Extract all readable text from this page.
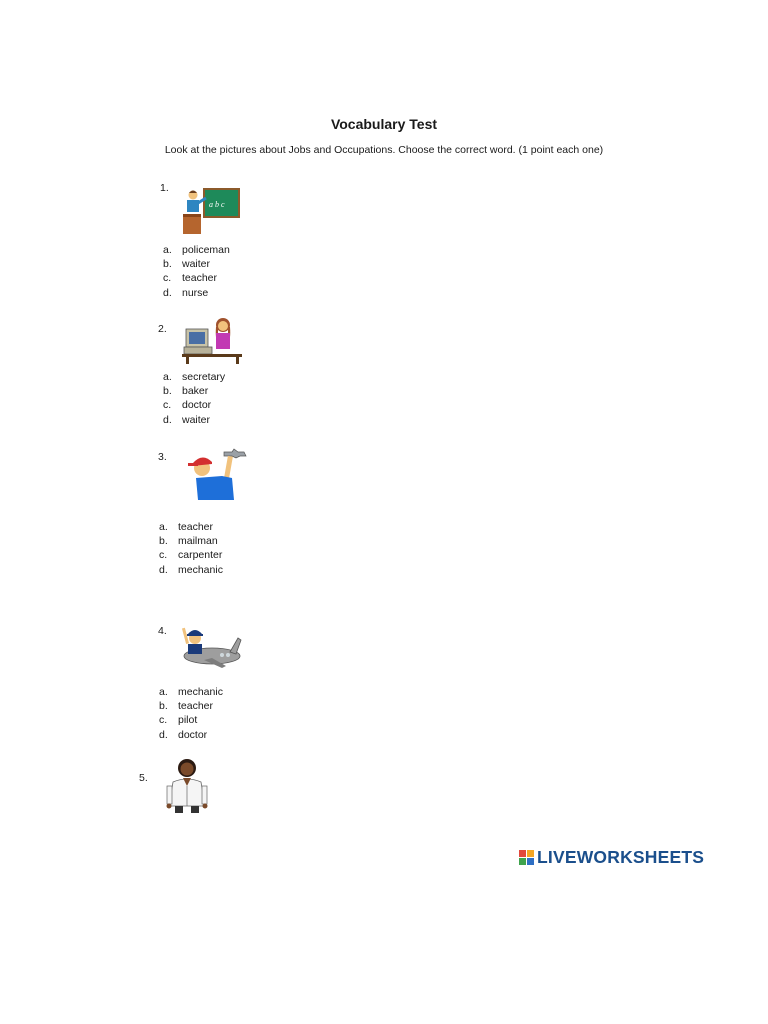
Vocabulary Test
Look at the pictures about Jobs and Occupations. Choose the correct word. (1 point each one)
1.
a b c
a. policeman
b. waiter
c. teacher
d. nurse
2.
a. secretary
b. baker
c. doctor
d. waiter
3.
a. teacher
b. mailman
c. carpenter
d. mechanic
4.
a. mechanic
b. teacher
c. pilot
d. doctor
5.
LIVEWORKSHEETS
